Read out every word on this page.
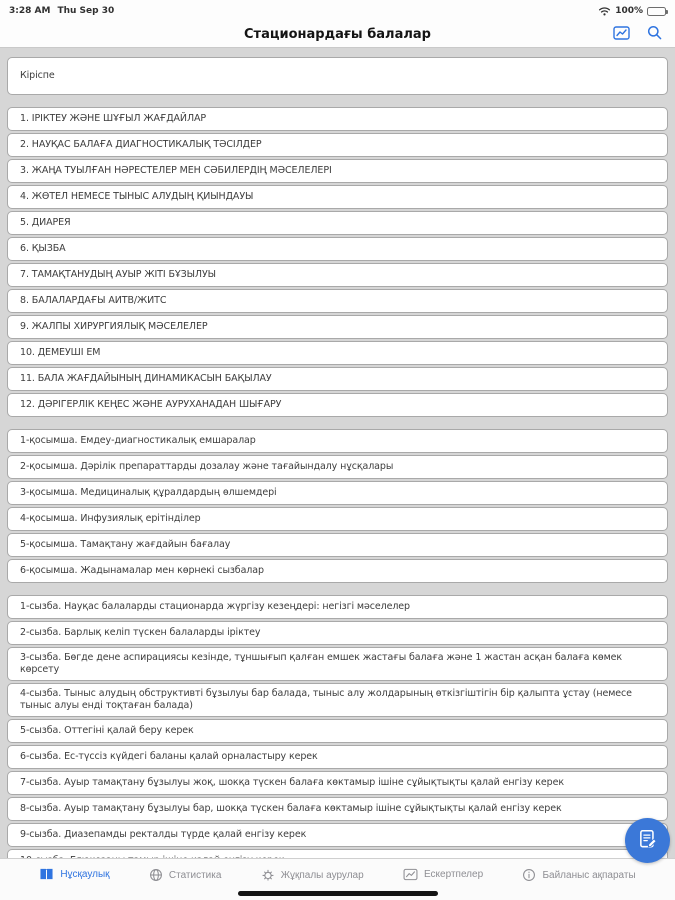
3:28 AM Thu Sep 30	100%
Стационардағы балалар
Кіріспе
1. ІРІКТЕУ ЖӘНЕ ШҰҒЫЛ ЖАҒДАЙЛАР
2. НАУҚАС БАЛАҒА ДИАГНОСТИКАЛЫҚ ТӘСІЛДЕР
3. ЖАҢА ТУЫЛҒАН НӘРЕСТЕЛЕР МЕН СӘБИЛЕРДІҢ МӘСЕЛЕЛЕРІ
4. ЖӨТЕЛ НЕМЕСЕ ТЫНЫС АЛУДЫҢ ҚИЫНДАУЫ
5. ДИАРЕЯ
6. ҚЫЗБА
7. ТАМАҚТАНУДЫҢ АУЫР ЖІТІ БҰЗЫЛУЫ
8. БАЛАЛАРДАҒЫ АИТВ/ЖИТС
9. ЖАЛПЫ ХИРУРГИЯЛЫҚ МӘСЕЛЕЛЕР
10. ДЕМЕУШІ ЕМ
11. БАЛА ЖАҒДАЙЫНЫҢ ДИНАМИКАСЫН БАҚЫЛАУ
12. ДӘРІГЕРЛІК КЕҢЕС ЖӘНЕ АУРУХАНАДАН ШЫҒАРУ
1-қосымша. Емдеу-диагностикалық емшаралар
2-қосымша. Дәрілік препараттарды дозалау және тағайындалу нұсқалары
3-қосымша. Медициналық құралдардың өлшемдері
4-қосымша. Инфузиялық ерітінділер
5-қосымша. Тамақтану жағдайын бағалау
6-қосымша. Жадынамалар мен көрнекі сызбалар
1-сызба. Науқас балаларды стационарда жүргізу кезеңдері: негізгі мәселелер
2-сызба. Барлық келіп түскен балаларды іріктеу
3-сызба. Бөгде дене аспирациясы кезінде, тұншығып қалған емшек жастағы балаға және 1 жастан асқан балаға көмек көрсету
4-сызба. Тыныс алудың обструктивті бұзылуы бар балада, тыныс алу жолдарының өткізгіштігін бір қалыпта ұстау (немесе тыныс алуы енді тоқтаған балада)
5-сызба. Оттегіні қалай беру керек
6-сызба. Ес-түссіз күйдегі баланы қалай орналастыру керек
7-сызба. Ауыр тамақтану бұзылуы жоқ, шокқа түскен балаға көктамыр ішіне сұйықтықты қалай енгізу керек
8-сызба. Ауыр тамақтану бұзылуы бар, шокқа түскен балаға көктамыр ішіне сұйықтықты қалай енгізу керек
9-сызба. Диазепамды ректалды түрде қалай енгізу керек
Нұсқаулық	Статистика	Жұқпалы аурулар	Ескертпелер	Байланыс ақпараты
